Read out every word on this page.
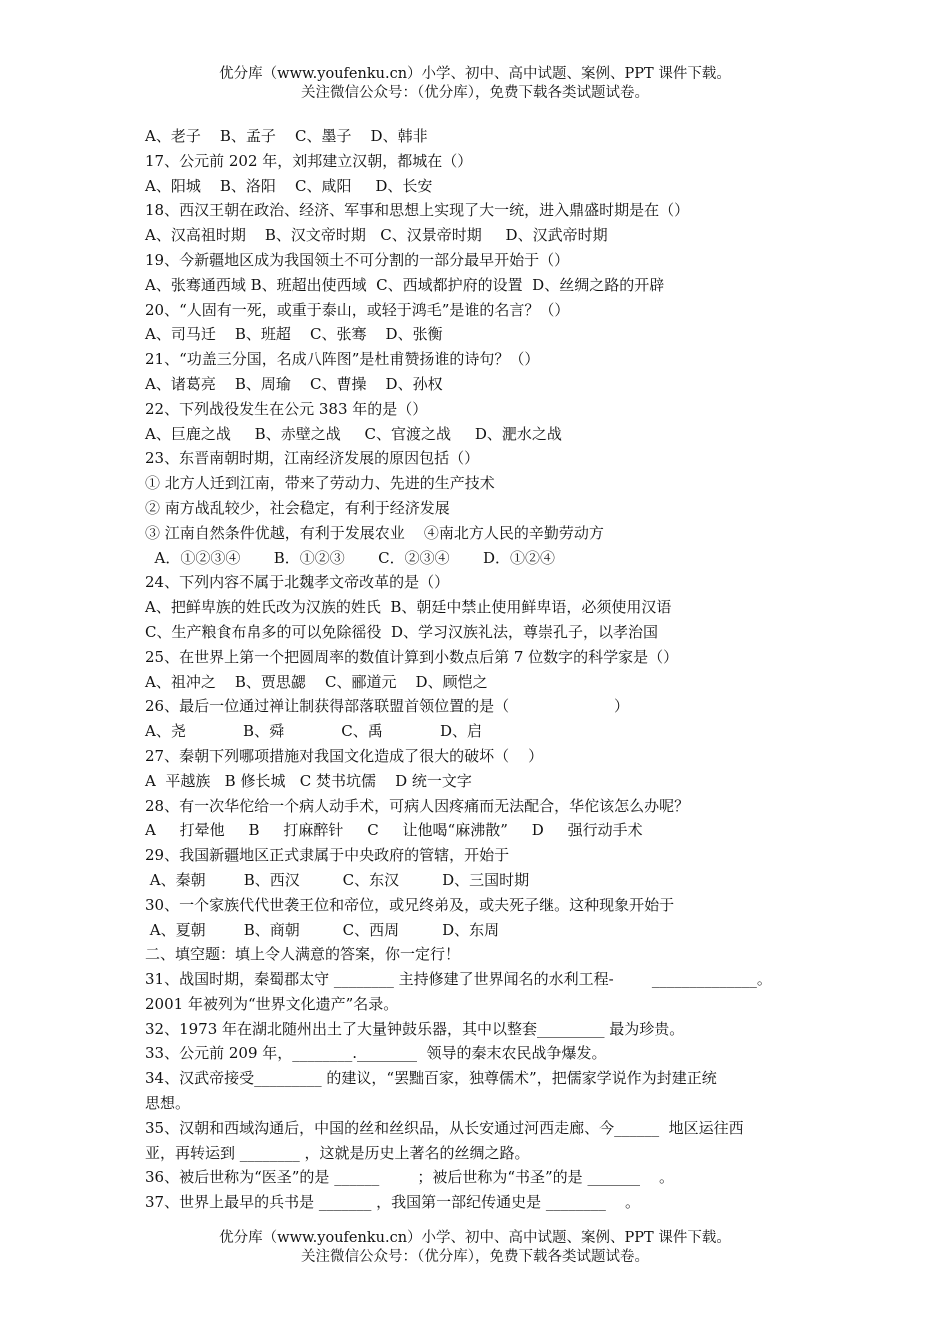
优分库（www.youfenku.cn）小学、初中、高中试题、案例、PPT 课件下载。
关注微信公众号：（优分库），免费下载各类试题试卷。
A、老子    B、孟子    C、墨子    D、韩非
17、公元前 202 年，刘邦建立汉朝，都城在（）
A、阳城    B、洛阳    C、咸阳     D、长安
18、西汉王朝在政治、经济、军事和思想上实现了大一统，进入鼎盛时期是在（）
A、汉高祖时期    B、汉文帝时期   C、汉景帝时期     D、汉武帝时期
19、今新疆地区成为我国领土不可分割的一部分最早开始于（）
A、张骞通西域 B、班超出使西域  C、西域都护府的设置  D、丝绸之路的开辟
20、“人固有一死，或重于泰山，或轻于鸿毛”是谁的名言？（）
A、司马迁    B、班超    C、张骞    D、张衡
21、“功盖三分国，名成八阵图”是杜甫赞扬谁的诗句？（）
A、诸葛亮    B、周瑜    C、曹操    D、孙权
22、下列战役发生在公元 383 年的是（）
A、巨鹿之战     B、赤壁之战     C、官渡之战     D、淝水之战
23、东晋南朝时期，江南经济发展的原因包括（）
① 北方人迁到江南，带来了劳动力、先进的生产技术
② 南方战乱较少，社会稳定，有利于经济发展
③ 江南自然条件优越，有利于发展农业    ④南北方人民的辛勤劳动方
A．①②③④       B．①②③       C．②③④       D．①②④
24、下列内容不属于北魏孝文帝改革的是（）
A、把鲜卑族的姓氏改为汉族的姓氏  B、朝廷中禁止使用鲜卑语，必须使用汉语
C、生产粮食布帛多的可以免除徭役  D、学习汉族礼法，尊崇孔子，以孝治国
25、在世界上第一个把圆周率的数值计算到小数点后第 7 位数字的科学家是（）
A、祖冲之    B、贾思勰    C、郦道元    D、顾恺之
26、最后一位通过禅让制获得部落联盟首领位置的是（                      ）
A、尧            B、舜            C、禹            D、启
27、秦朝下列哪项措施对我国文化造成了很大的破坏（    ）
A  平越族   B 修长城   C 焚书坑儒    D 统一文字
28、有一次华佗给一个病人动手术，可病人因疼痛而无法配合，华佗该怎么办呢？
A     打晕他     B     打麻醉针     C     让他喝“麻沸散”     D     强行动手术
29、我国新疆地区正式隶属于中央政府的管辖，开始于
A、秦朝        B、西汉         C、东汉         D、三国时期
30、一个家族代代世袭王位和帝位，或兄终弟及，或夫死子继。这种现象开始于
A、夏朝        B、商朝         C、西周         D、东周
二、填空题：填上令人满意的答案，你一定行！
31、战国时期，秦蜀郡太守 ________ 主持修建了世界闻名的水利工程-        ______________。
2001 年被列为“世界文化遗产”名录。
32、1973 年在湖北随州出土了大量钟鼓乐器，其中以整套_________ 最为珍贵。
33、公元前 209 年，________.________  领导的秦末农民战争爆发。
34、汉武帝接受_________ 的建议，“罢黜百家，独尊儒术”，把儒家学说作为封建正统
思想。
35、汉朝和西域沟通后，中国的丝和丝织品，从长安通过河西走廊、今______  地区运往西
亚，再转运到 ________ ，这就是历史上著名的丝绸之路。
36、被后世称为“医圣”的是 ______        ；被后世称为“书圣”的是 _______    。
37、世界上最早的兵书是 _______ ，我国第一部纪传通史是 ________    。
优分库（www.youfenku.cn）小学、初中、高中试题、案例、PPT 课件下载。
关注微信公众号：（优分库），免费下载各类试题试卷。
